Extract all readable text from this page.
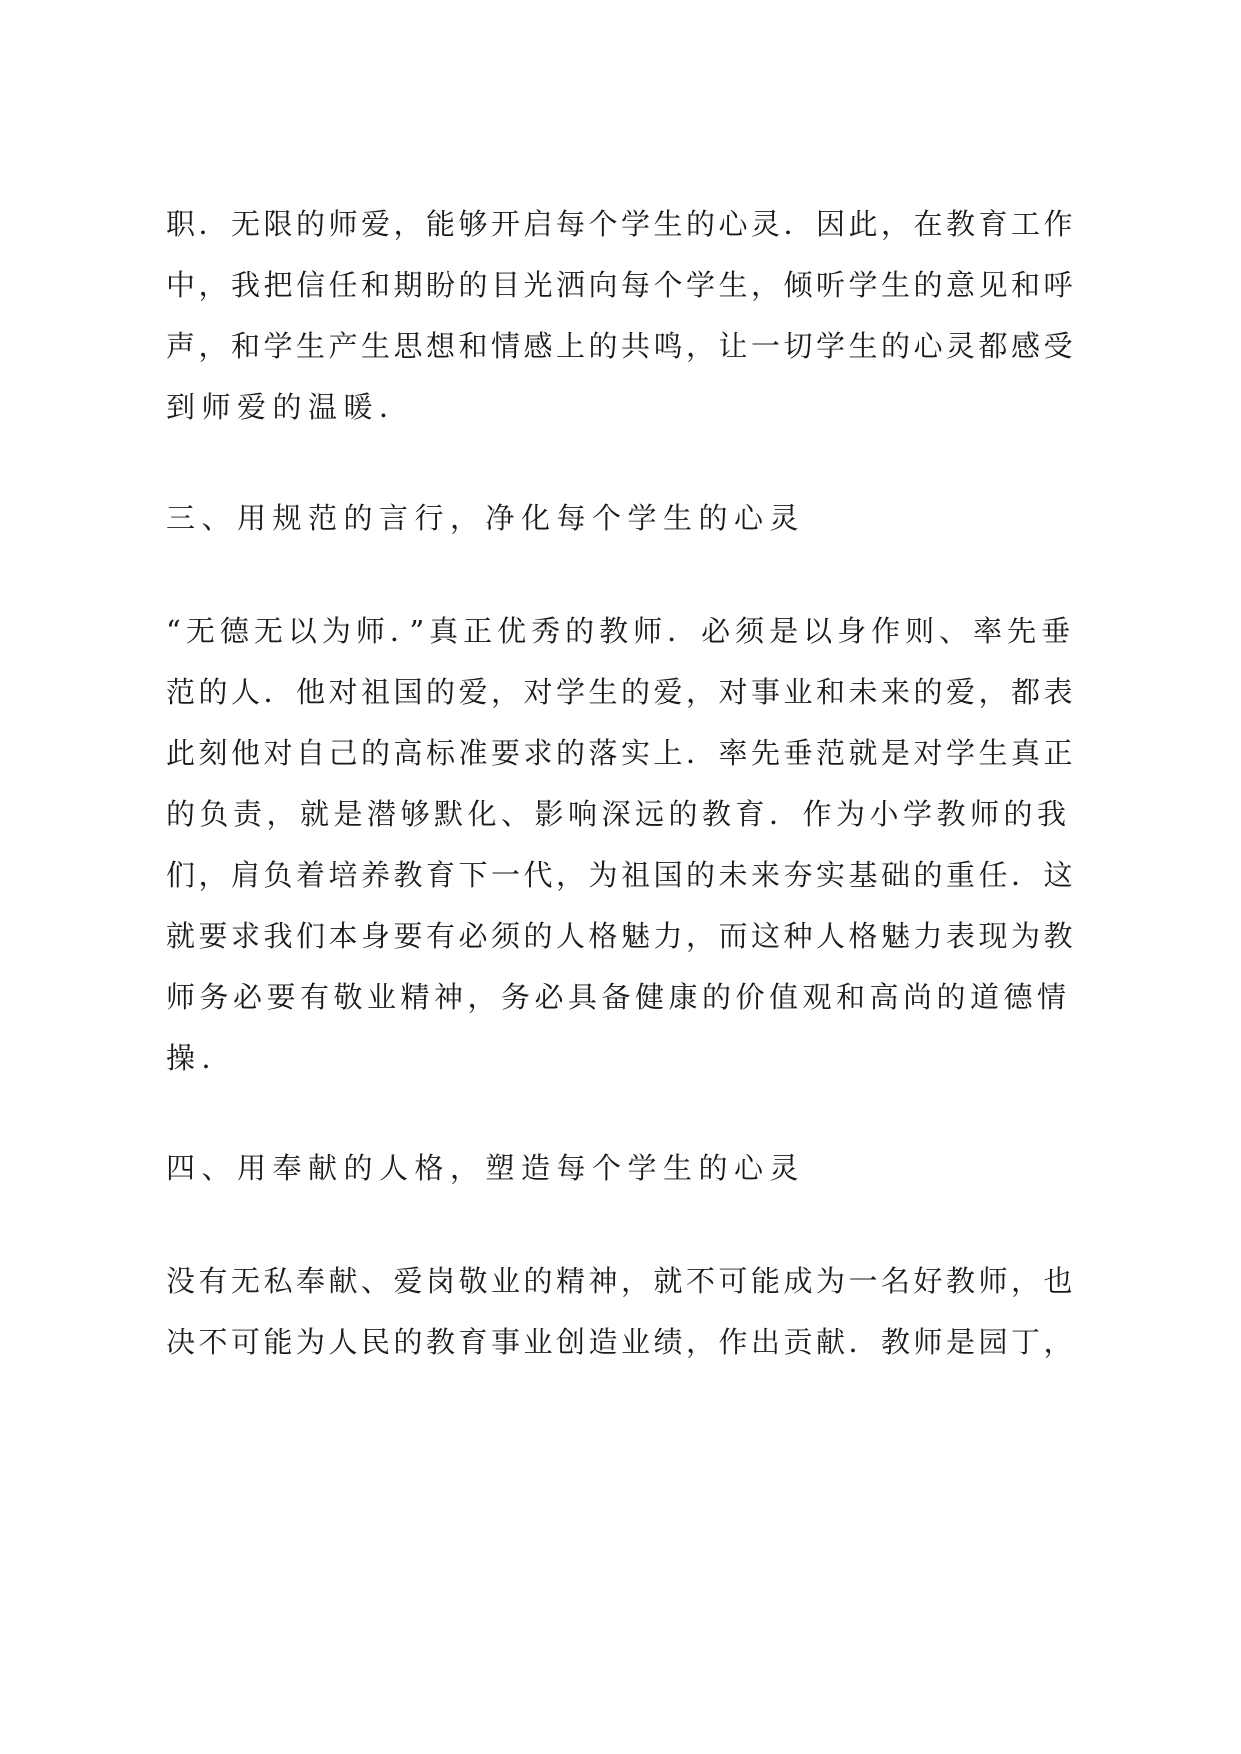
职．无限的师爱，能够开启每个学生的心灵．因此，在教育工作
中，我把信任和期盼的目光洒向每个学生，倾听学生的意见和呼
声，和学生产生思想和情感上的共鸣，让一切学生的心灵都感受
到师爱的温暖．
三、用规范的言行，净化每个学生的心灵
“无德无以为师．”真正优秀的教师．必须是以身作则、率先垂
范的人．他对祖国的爱，对学生的爱，对事业和未来的爱，都表
此刻他对自己的高标准要求的落实上．率先垂范就是对学生真正
的负责，就是潜够默化、影响深远的教育．作为小学教师的我
们，肩负着培养教育下一代，为祖国的未来夯实基础的重任．这
就要求我们本身要有必须的人格魅力，而这种人格魅力表现为教
师务必要有敬业精神，务必具备健康的价值观和高尚的道德情
操．
四、用奉献的人格，塑造每个学生的心灵
没有无私奉献、爱岗敬业的精神，就不可能成为一名好教师，也
决不可能为人民的教育事业创造业绩，作出贡献．教师是园丁，
